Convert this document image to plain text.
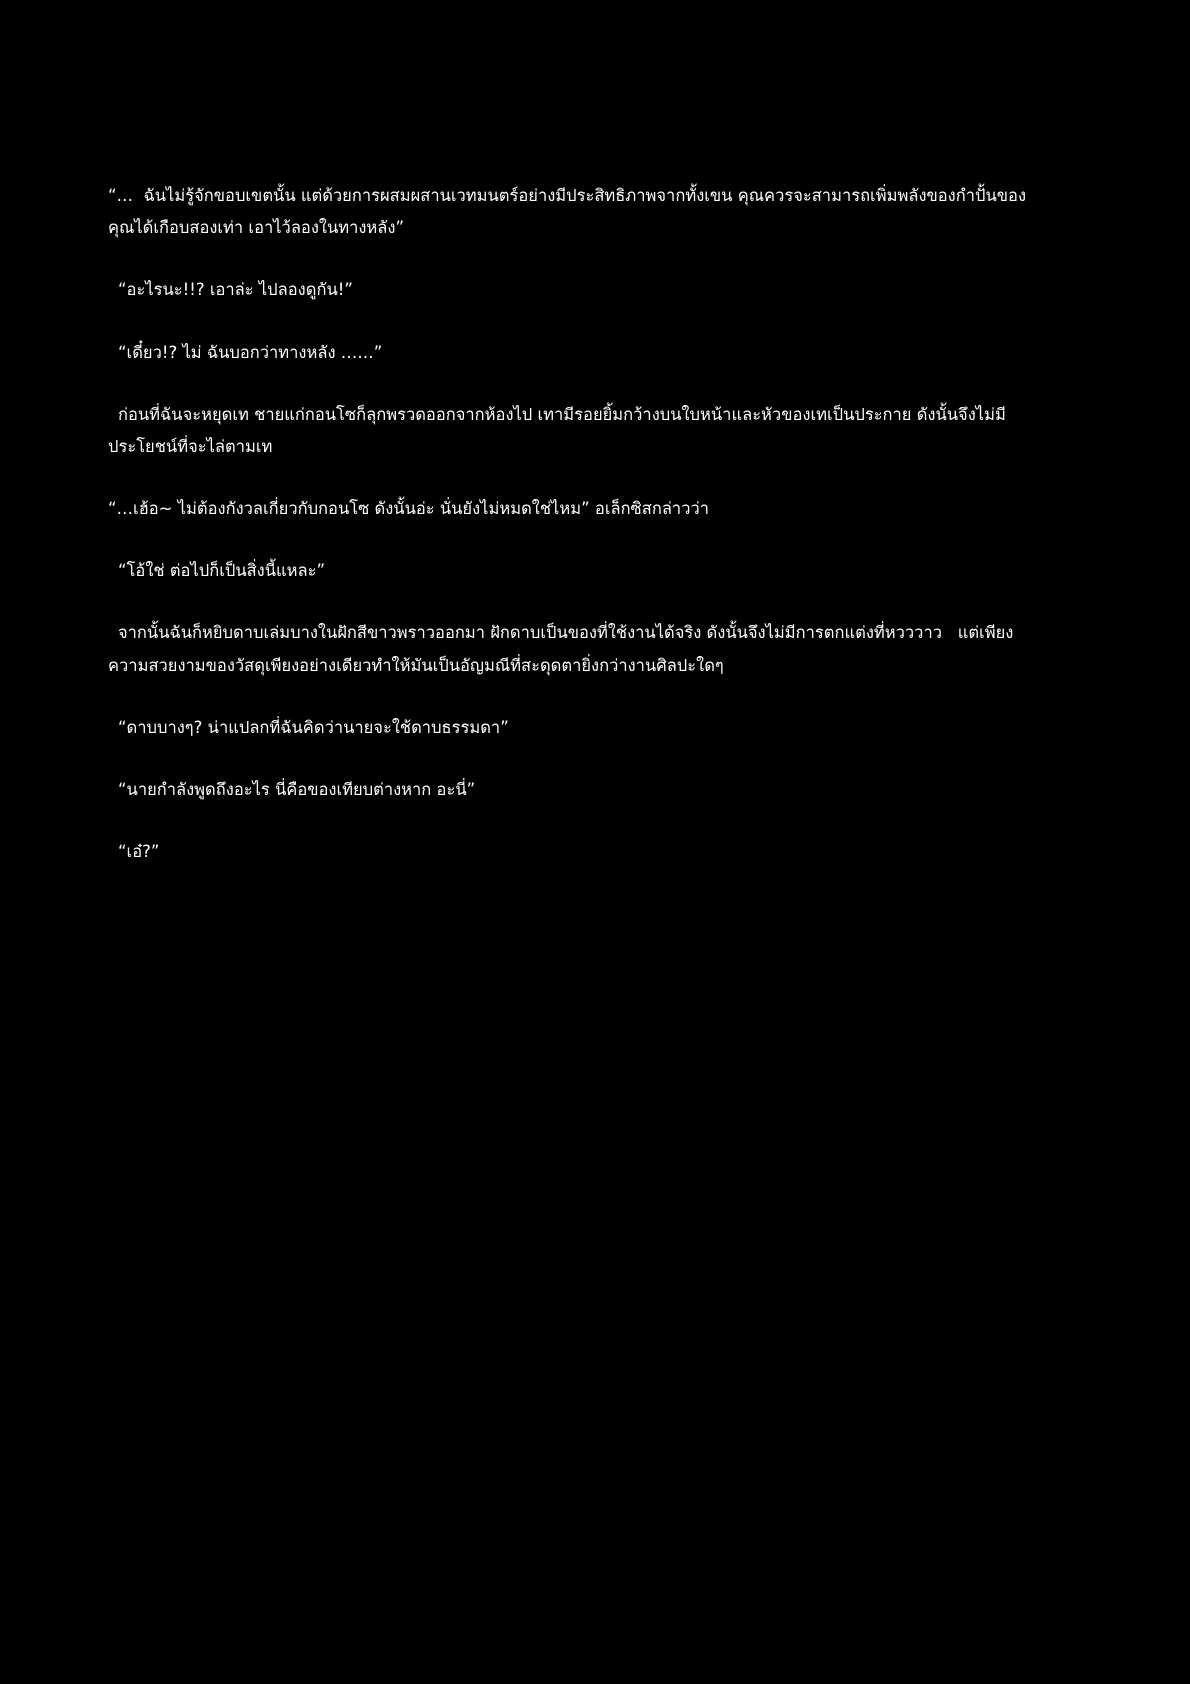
“…  ฉันไม่รู้จักขอบเขตนั้น แต่ด้วยการผสมผสานเวทมนตร์อย่างมีประสิทธิภาพจากทั้งเขน คุณควรจะสามารถเพิ่มพลังของกำปั้นของคุณได้เกือบสองเท่า เอาไว้ลองในทางหลัง”

“อะไรนะ!!? เอาล่ะ ไปลองดูกัน!”

“เดี๋ยว!? ไม่ ฉันบอกว่าทางหลัง ……”

ก่อนที่ฉันจะหยุดเท ชายแก่กอนโซก็ลุกพรวดออกจากห้องไป เทามีรอยยิ้มกว้างบนใบหน้าและหัวของเทเป็นประกาย ดังนั้นจึงไม่มีประโยชน์ที่จะไล่ตามเท

“…เฮ้อ~ ไม่ต้องกังวลเกี่ยวกับกอนโซ ดังนั้นอ่ะ นั่นยังไม่หมดใช่ไหม” อเล็กซิสกล่าวว่า

“โอ้ใช่ ต่อไปก็เป็นสิ่งนี้แหละ”

จากนั้นฉันก็หยิบดาบเล่มบางในฝักสีขาวพราวออกมา ฝักดาบเป็นของที่ใช้งานได้จริง ดังนั้นจึงไม่มีการตกแต่งที่หวววาว   แต่เพียงความสวยงามของวัสดุเพียงอย่างเดียวทำให้มันเป็นอัญมณีที่สะดุดตายิ่งกว่างานศิลปะใดๆ

“ดาบบางๆ? น่าแปลกที่ฉันคิดว่านายจะใช้ดาบธรรมดา”

“นายกำลังพูดถึงอะไร นี่คือของเทียบต่างหาก อะนี่”

“เอ๋?”
